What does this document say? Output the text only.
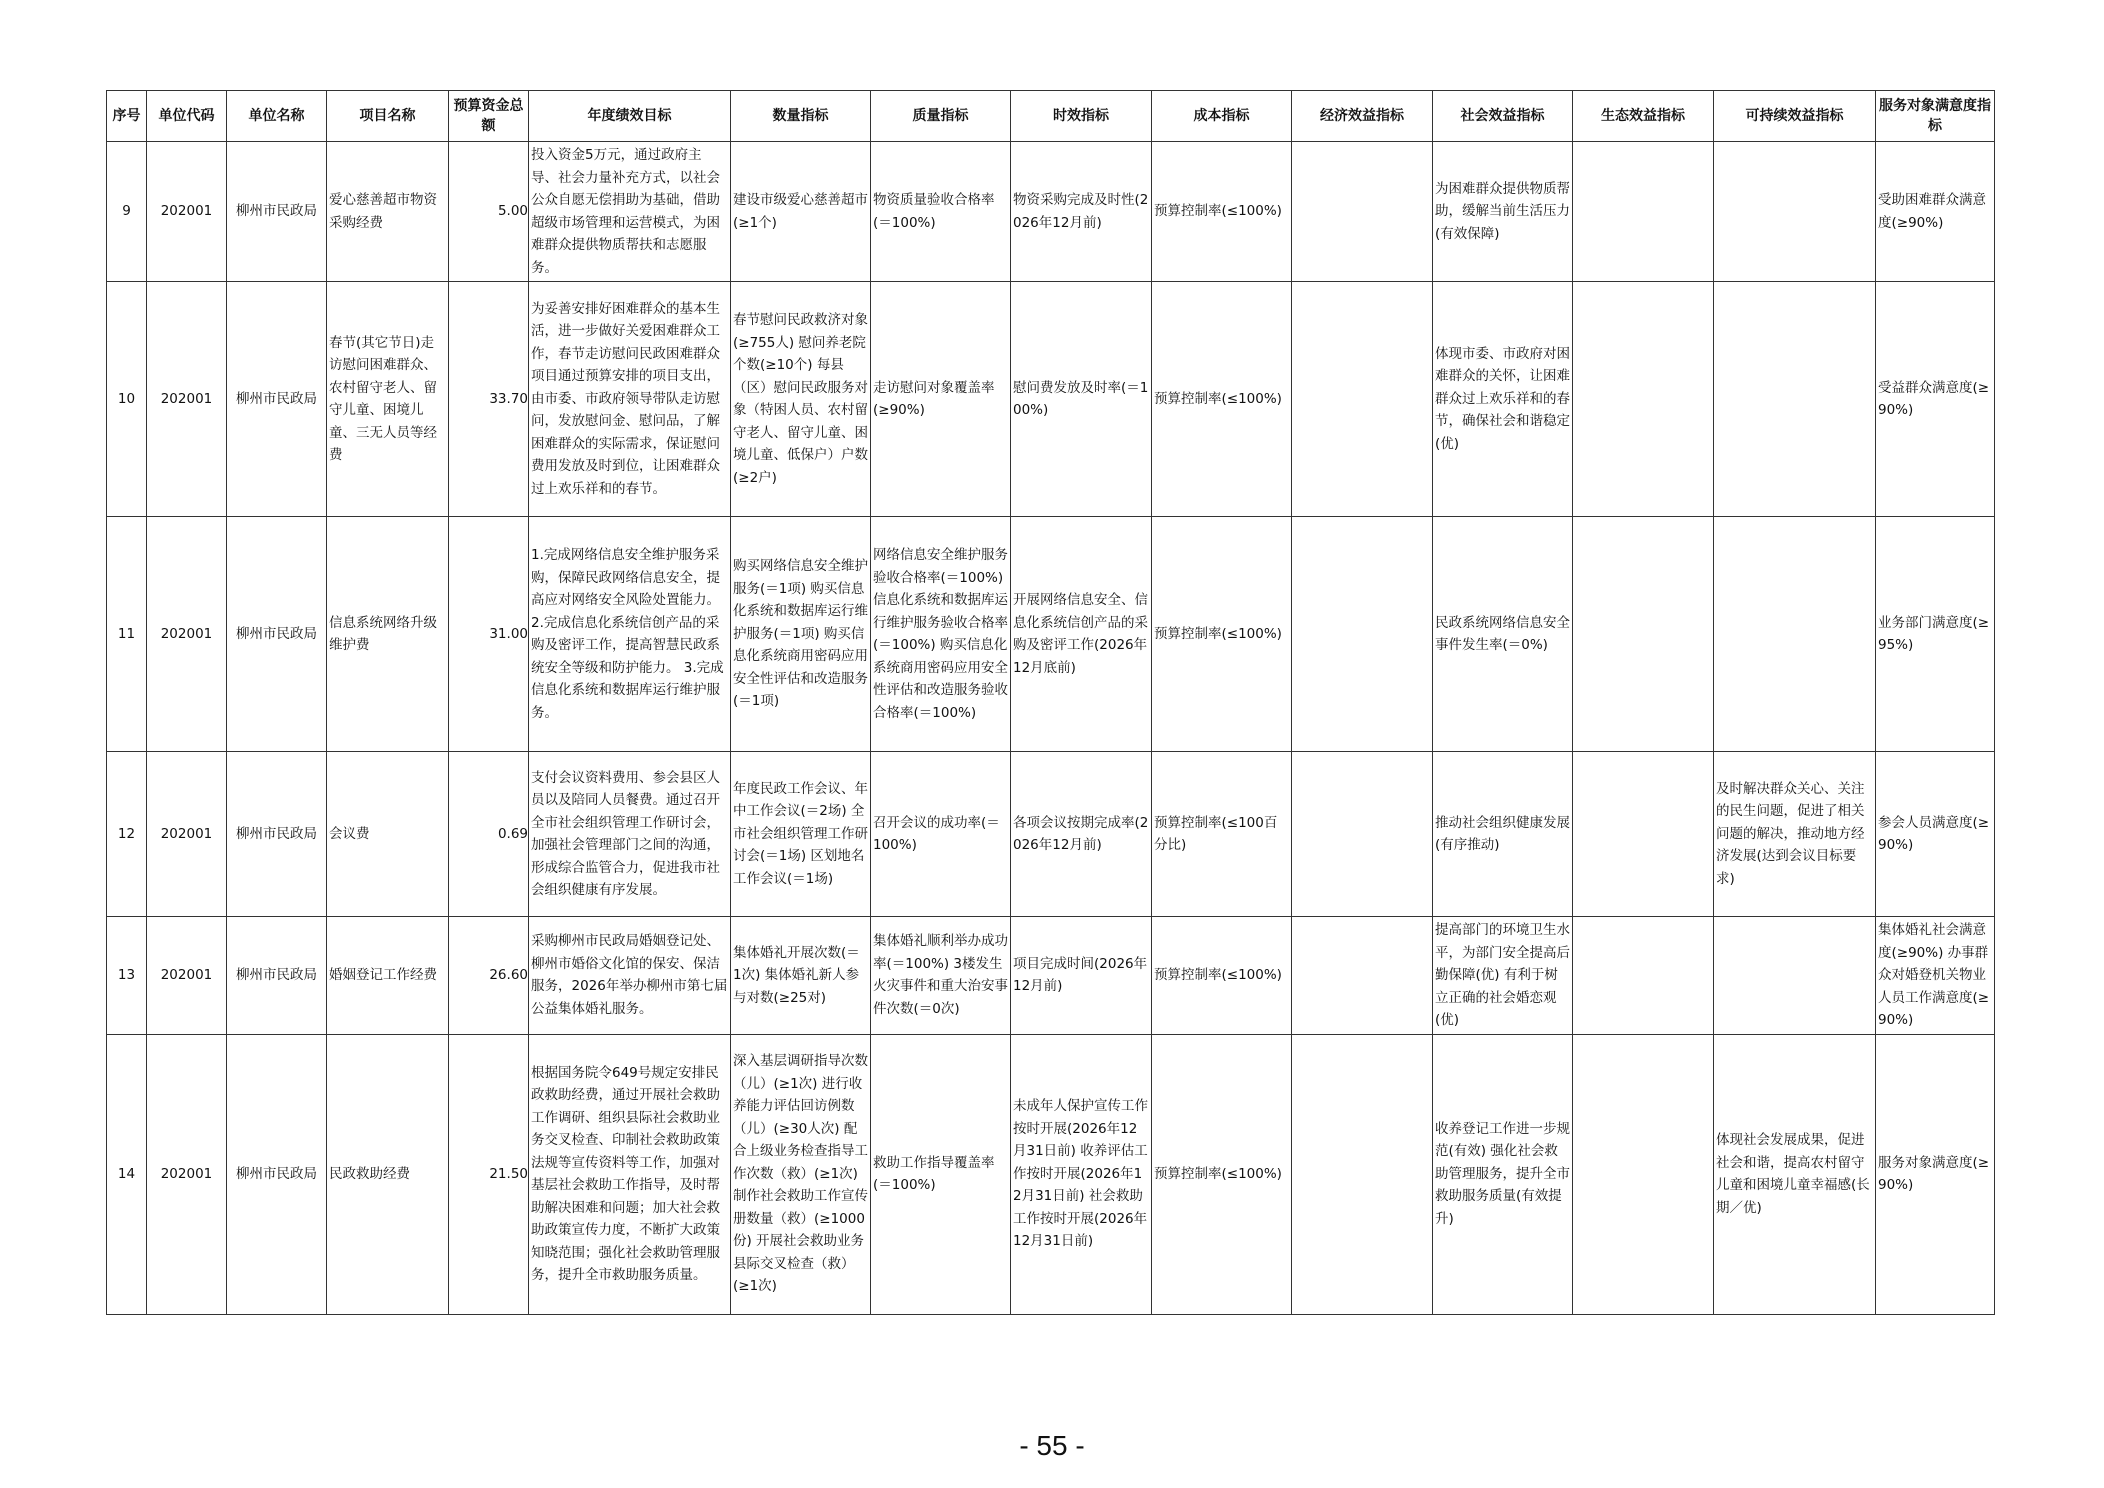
序号	单位代码	单位名称	项目名称	预算资金总额	年度绩效目标	数量指标	质量指标	时效指标	成本指标	经济效益指标	社会效益指标	生态效益指标	可持续效益指标	服务对象满意度指标
9	202001	柳州市民政局	爱心慈善超市物资采购经费	5.00	投入资金5万元，通过政府主导、社会力量补充方式，以社会公众自愿无偿捐助为基础，借助超级市场管理和运营模式，为困难群众提供物质帮扶和志愿服务。	建设市级爱心慈善超市(≥1个)	物资质量验收合格率(＝100%)	物资采购完成及时性(2026年12月前)	预算控制率(≤100%)		为困难群众提供物质帮助，缓解当前生活压力(有效保障)			受助困难群众满意度(≥90%)
10	202001	柳州市民政局	春节(其它节日)走访慰问困难群众、农村留守老人、留守儿童、困境儿童、三无人员等经费	33.70	为妥善安排好困难群众的基本生活，进一步做好关爱困难群众工作，春节走访慰问民政困难群众项目通过预算安排的项目支出，由市委、市政府领导带队走访慰问，发放慰问金、慰问品，了解困难群众的实际需求，保证慰问费用发放及时到位，让困难群众过上欢乐祥和的春节。	春节慰问民政救济对象(≥755人) 慰问养老院个数(≥10个) 每县（区）慰问民政服务对象（特困人员、农村留守老人、留守儿童、困境儿童、低保户）户数(≥2户)	走访慰问对象覆盖率(≥90%)	慰问费发放及时率(＝100%)	预算控制率(≤100%)		体现市委、市政府对困难群众的关怀，让困难群众过上欢乐祥和的春节，确保社会和谐稳定(优)			受益群众满意度(≥90%)
11	202001	柳州市民政局	信息系统网络升级维护费	31.00	1.完成网络信息安全维护服务采购，保障民政网络信息安全，提高应对网络安全风险处置能力。 2.完成信息化系统信创产品的采购及密评工作，提高智慧民政系统安全等级和防护能力。 3.完成信息化系统和数据库运行维护服务。	购买网络信息安全维护服务(＝1项) 购买信息化系统和数据库运行维护服务(＝1项) 购买信息化系统商用密码应用安全性评估和改造服务(＝1项)	网络信息安全维护服务验收合格率(＝100%) 信息化系统和数据库运行维护服务验收合格率(＝100%) 购买信息化系统商用密码应用安全性评估和改造服务验收合格率(＝100%)	开展网络信息安全、信息化系统信创产品的采购及密评工作(2026年12月底前)	预算控制率(≤100%)		民政系统网络信息安全事件发生率(＝0%)			业务部门满意度(≥95%)
12	202001	柳州市民政局	会议费	0.69	支付会议资料费用、参会县区人员以及陪同人员餐费。通过召开全市社会组织管理工作研讨会，加强社会管理部门之间的沟通，形成综合监管合力，促进我市社会组织健康有序发展。	年度民政工作会议、年中工作会议(＝2场) 全市社会组织管理工作研讨会(＝1场) 区划地名工作会议(＝1场)	召开会议的成功率(＝100%)	各项会议按期完成率(2026年12月前)	预算控制率(≤100百分比)		推动社会组织健康发展(有序推动)		及时解决群众关心、关注的民生问题，促进了相关问题的解决，推动地方经济发展(达到会议目标要求)	参会人员满意度(≥90%)
13	202001	柳州市民政局	婚姻登记工作经费	26.60	采购柳州市民政局婚姻登记处、柳州市婚俗文化馆的保安、保洁服务，2026年举办柳州市第七届公益集体婚礼服务。	集体婚礼开展次数(＝1次) 集体婚礼新人参与对数(≥25对)	集体婚礼顺利举办成功率(＝100%) 3楼发生火灾事件和重大治安事件次数(＝0次)	项目完成时间(2026年12月前)	预算控制率(≤100%)		提高部门的环境卫生水平，为部门安全提高后勤保障(优) 有利于树立正确的社会婚恋观(优)			集体婚礼社会满意度(≥90%) 办事群众对婚登机关物业人员工作满意度(≥90%)
14	202001	柳州市民政局	民政救助经费	21.50	根据国务院令649号规定安排民政救助经费，通过开展社会救助工作调研、组织县际社会救助业务交叉检查、印制社会救助政策法规等宣传资料等工作，加强对基层社会救助工作指导，及时帮助解决困难和问题；加大社会救助政策宣传力度，不断扩大政策知晓范围；强化社会救助管理服务，提升全市救助服务质量。	深入基层调研指导次数（儿）(≥1次) 进行收养能力评估回访例数（儿）(≥30人次) 配合上级业务检查指导工作次数（救）(≥1次) 制作社会救助工作宣传册数量（救）(≥1000份) 开展社会救助业务县际交叉检查（救）(≥1次)	救助工作指导覆盖率(＝100%)	未成年人保护宣传工作按时开展(2026年12月31日前) 收养评估工作按时开展(2026年12月31日前) 社会救助工作按时开展(2026年12月31日前)	预算控制率(≤100%)		收养登记工作进一步规范(有效) 强化社会救助管理服务，提升全市救助服务质量(有效提升)		体现社会发展成果，促进社会和谐，提高农村留守儿童和困境儿童幸福感(长期／优)	服务对象满意度(≥90%)
- 55 -
